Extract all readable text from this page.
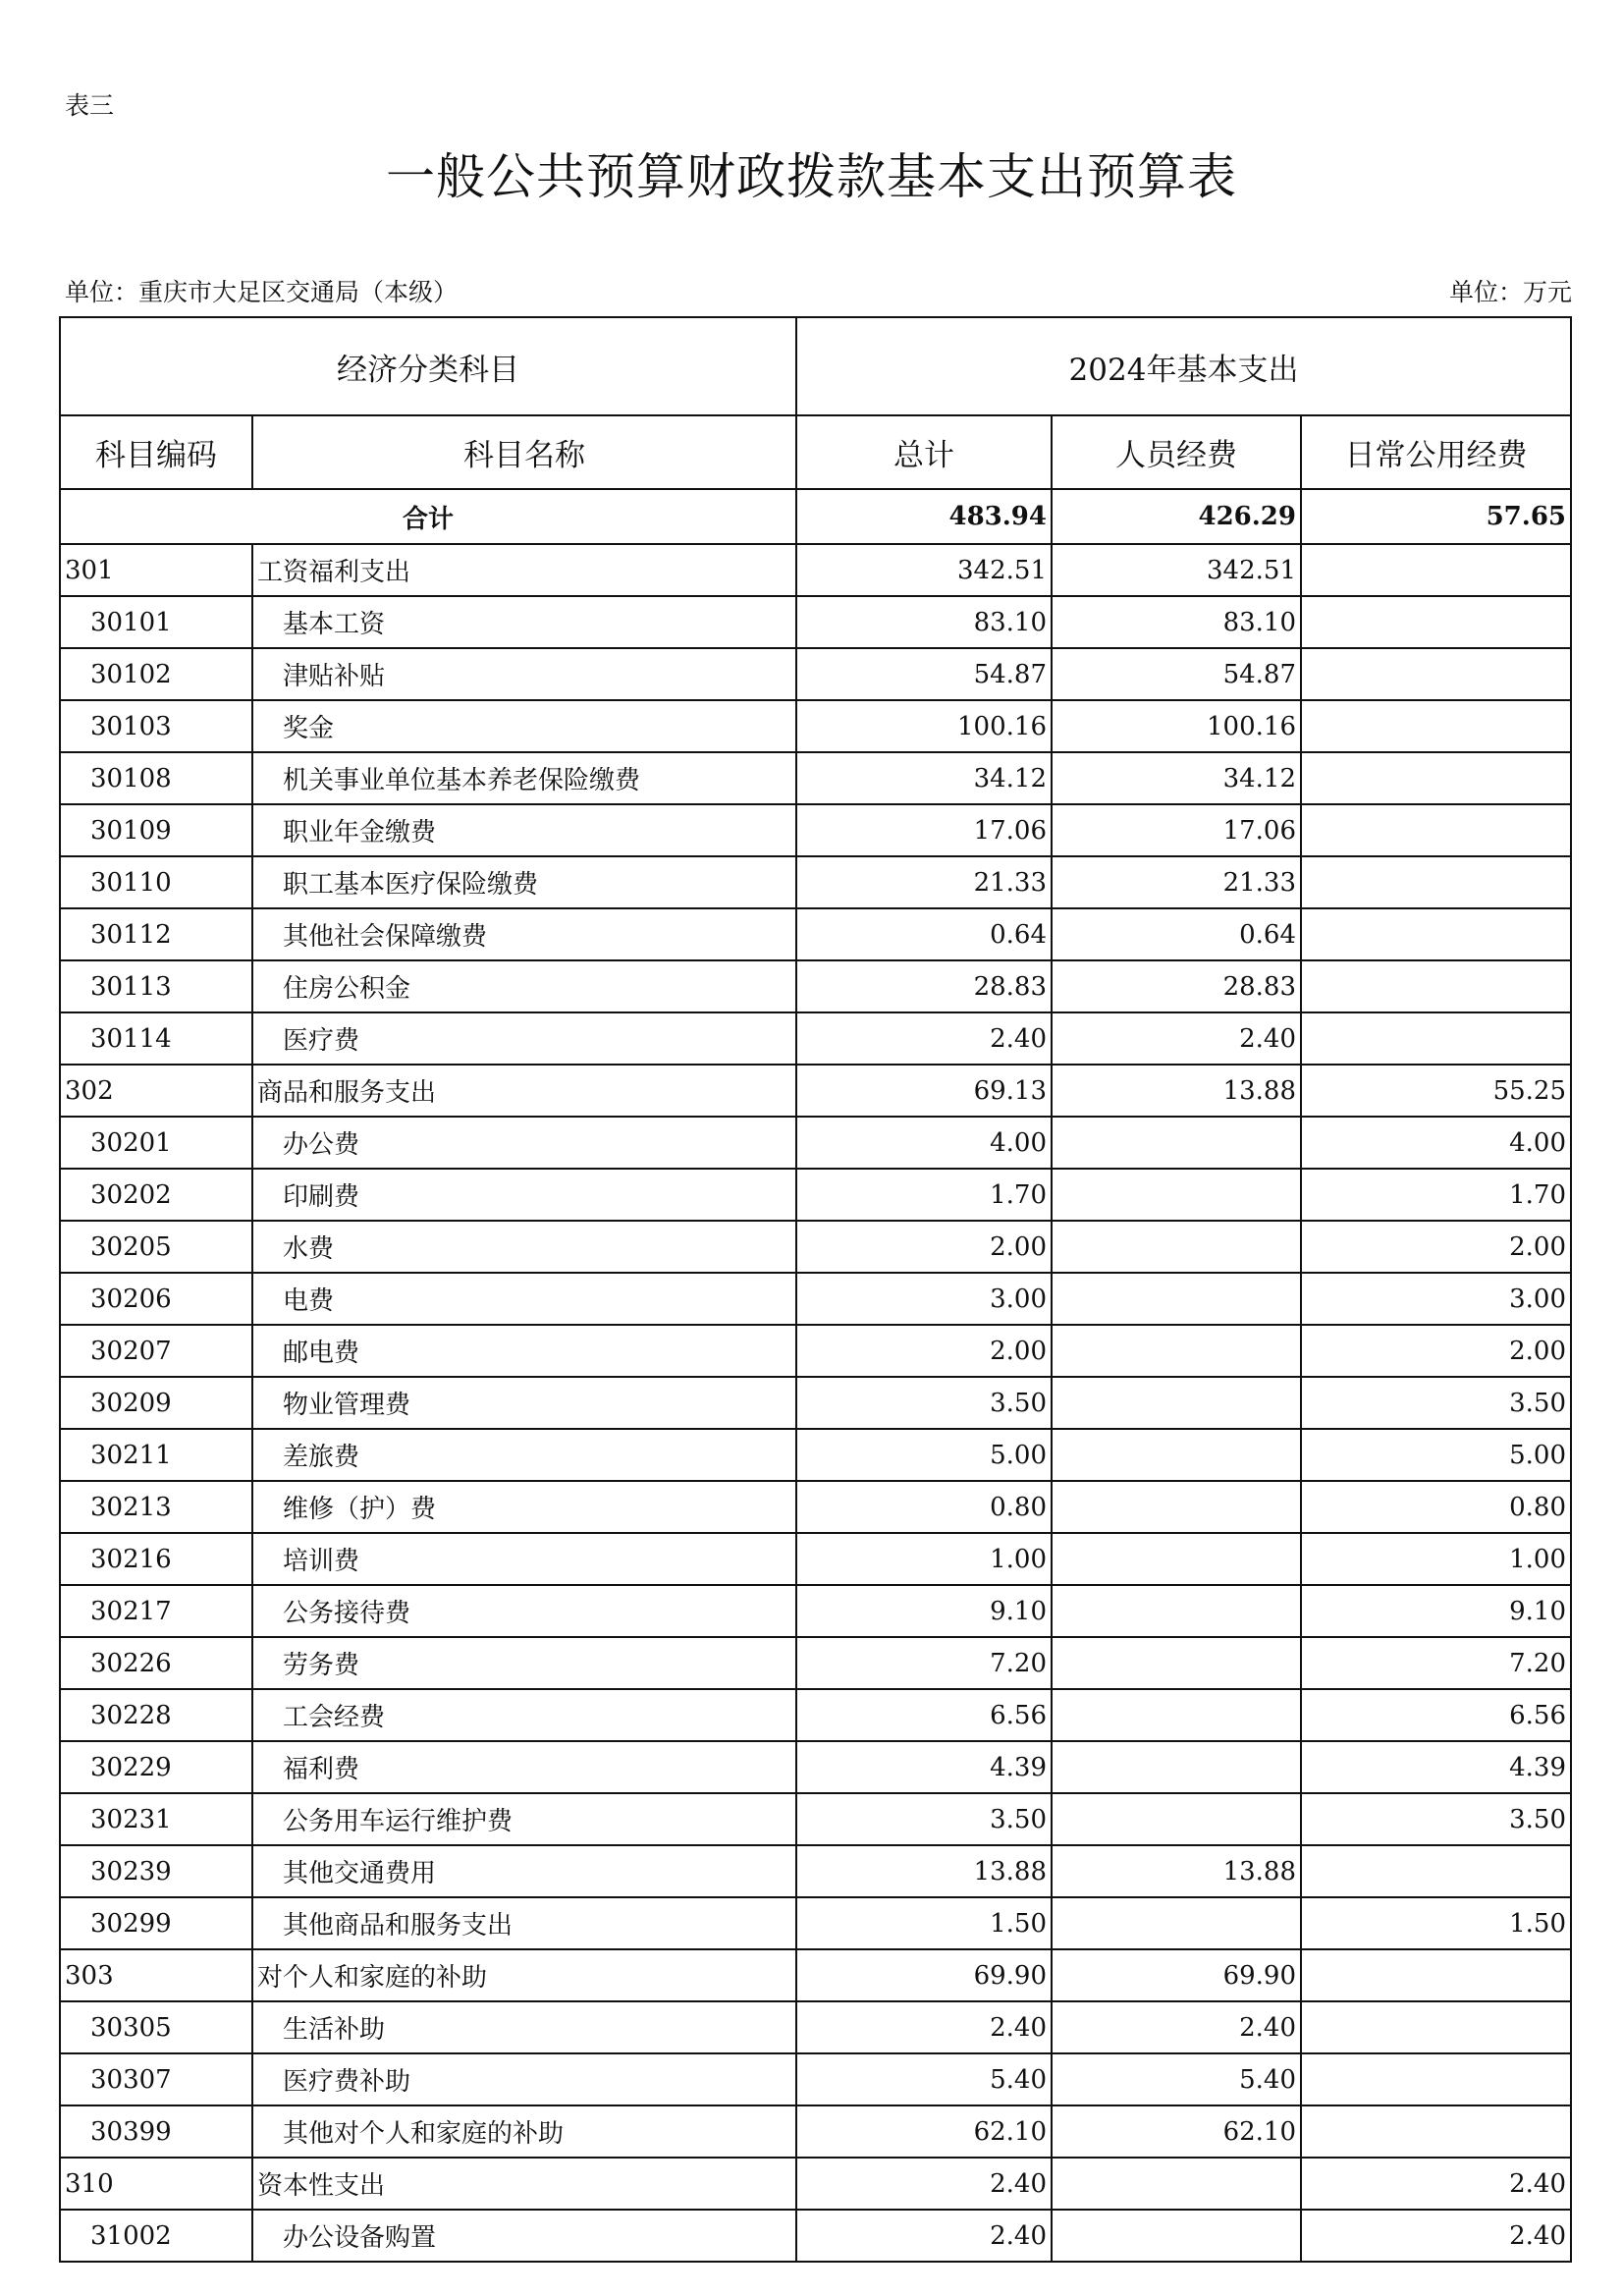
表三
一般公共预算财政拨款基本支出预算表
单位：重庆市大足区交通局（本级）	单位：万元
经济分类科目		2024年基本支出		
科目编码	科目名称	总计	人员经费	日常公用经费
合计		483.94	426.29	57.65
301	工资福利支出	342.51	342.51	
30101	基本工资	83.10	83.10	
30102	津贴补贴	54.87	54.87	
30103	奖金	100.16	100.16	
30108	机关事业单位基本养老保险缴费	34.12	34.12	
30109	职业年金缴费	17.06	17.06	
30110	职工基本医疗保险缴费	21.33	21.33	
30112	其他社会保障缴费	0.64	0.64	
30113	住房公积金	28.83	28.83	
30114	医疗费	2.40	2.40	
302	商品和服务支出	69.13	13.88	55.25
30201	办公费	4.00		4.00
30202	印刷费	1.70		1.70
30205	水费	2.00		2.00
30206	电费	3.00		3.00
30207	邮电费	2.00		2.00
30209	物业管理费	3.50		3.50
30211	差旅费	5.00		5.00
30213	维修（护）费	0.80		0.80
30216	培训费	1.00		1.00
30217	公务接待费	9.10		9.10
30226	劳务费	7.20		7.20
30228	工会经费	6.56		6.56
30229	福利费	4.39		4.39
30231	公务用车运行维护费	3.50		3.50
30239	其他交通费用	13.88	13.88	
30299	其他商品和服务支出	1.50		1.50
303	对个人和家庭的补助	69.90	69.90	
30305	生活补助	2.40	2.40	
30307	医疗费补助	5.40	5.40	
30399	其他对个人和家庭的补助	62.10	62.10	
310	资本性支出	2.40		2.40
31002	办公设备购置	2.40		2.40
